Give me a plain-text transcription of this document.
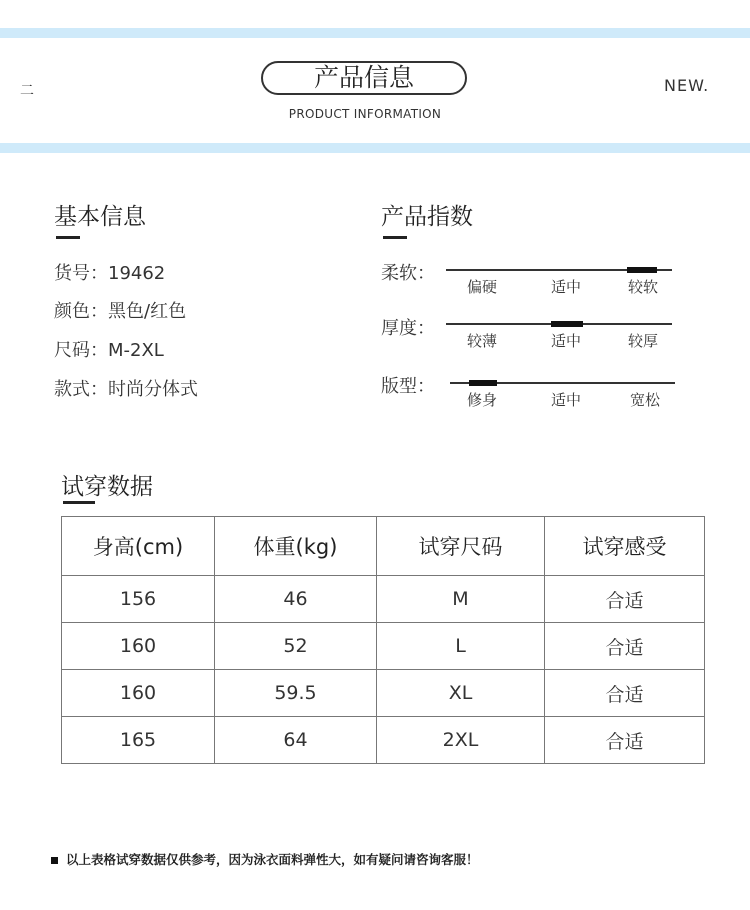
二	产品信息
PRODUCT INFORMATION
NEW.
基本信息
货号：19462
颜色：黑色/红色
尺码：M-2XL
款式：时尚分体式
产品指数
柔软：
偏硬	适中	较软
厚度：
较薄	适中	较厚
版型：
修身	适中	宽松
试穿数据
身高(cm)	体重(kg)	试穿尺码	试穿感受
156	46	M	合适
160	52	L	合适
160	59.5	XL	合适
165	64	2XL	合适
以上表格试穿数据仅供参考，因为泳衣面料弹性大，如有疑问请咨询客服！
